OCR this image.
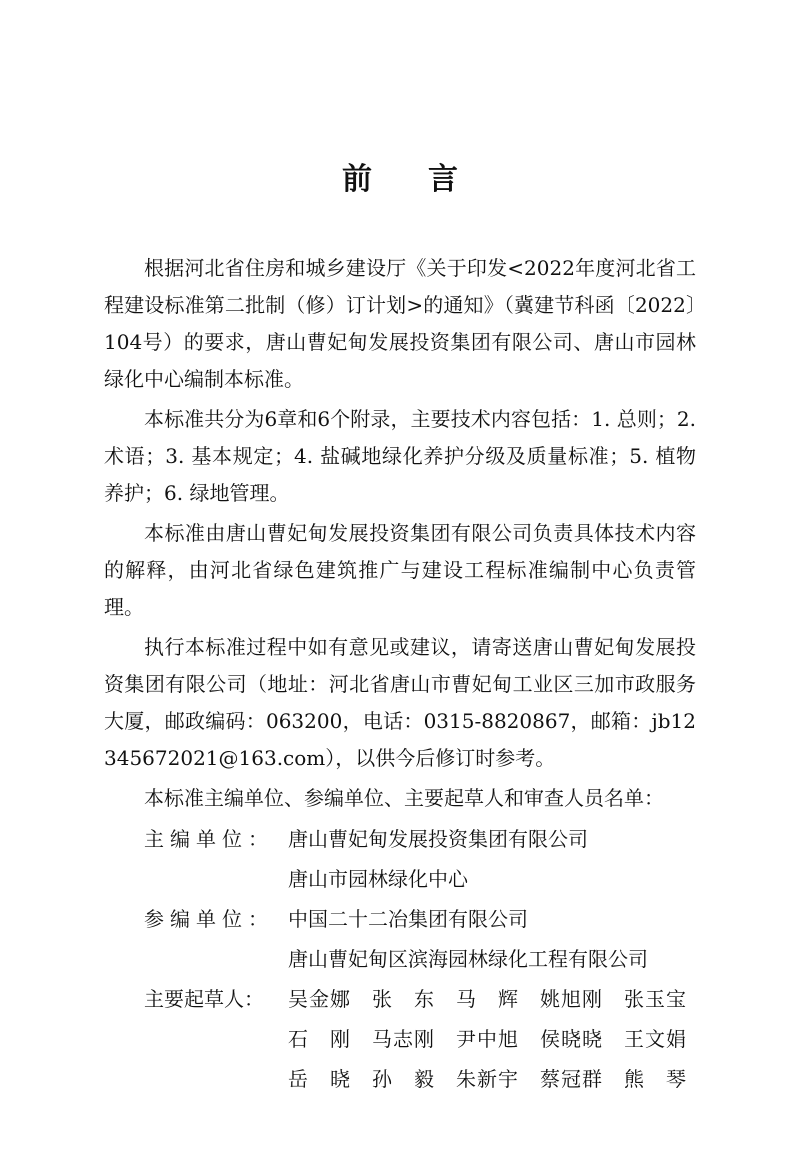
前言

根据河北省住房和城乡建设厅《关于印发<2022年度河北省工程建设标准第二批制（修）订计划>的通知》（冀建节科函〔2022〕104号）的要求，唐山曹妃甸发展投资集团有限公司、唐山市园林绿化中心编制本标准。

本标准共分为6章和6个附录，主要技术内容包括：1. 总则；2. 术语；3. 基本规定；4. 盐碱地绿化养护分级及质量标准；5. 植物养护；6. 绿地管理。

本标准由唐山曹妃甸发展投资集团有限公司负责具体技术内容的解释，由河北省绿色建筑推广与建设工程标准编制中心负责管理。

执行本标准过程中如有意见或建议，请寄送唐山曹妃甸发展投资集团有限公司（地址：河北省唐山市曹妃甸工业区三加市政服务大厦，邮政编码：063200，电话：0315-8820867，邮箱：jb12345672021@163.com），以供今后修订时参考。

本标准主编单位、参编单位、主要起草人和审查人员名单：

主编单位： 唐山曹妃甸发展投资集团有限公司
唐山市园林绿化中心
参编单位： 中国二十二冶集团有限公司
唐山曹妃甸区滨海园林绿化工程有限公司
主要起草人：	吴金娜 张东 马辉 姚旭刚 张玉宝
石刚 马志刚 尹中旭 侯晓晓 王文娟
岳晓 孙毅 朱新宇 蔡冠群 熊琴
